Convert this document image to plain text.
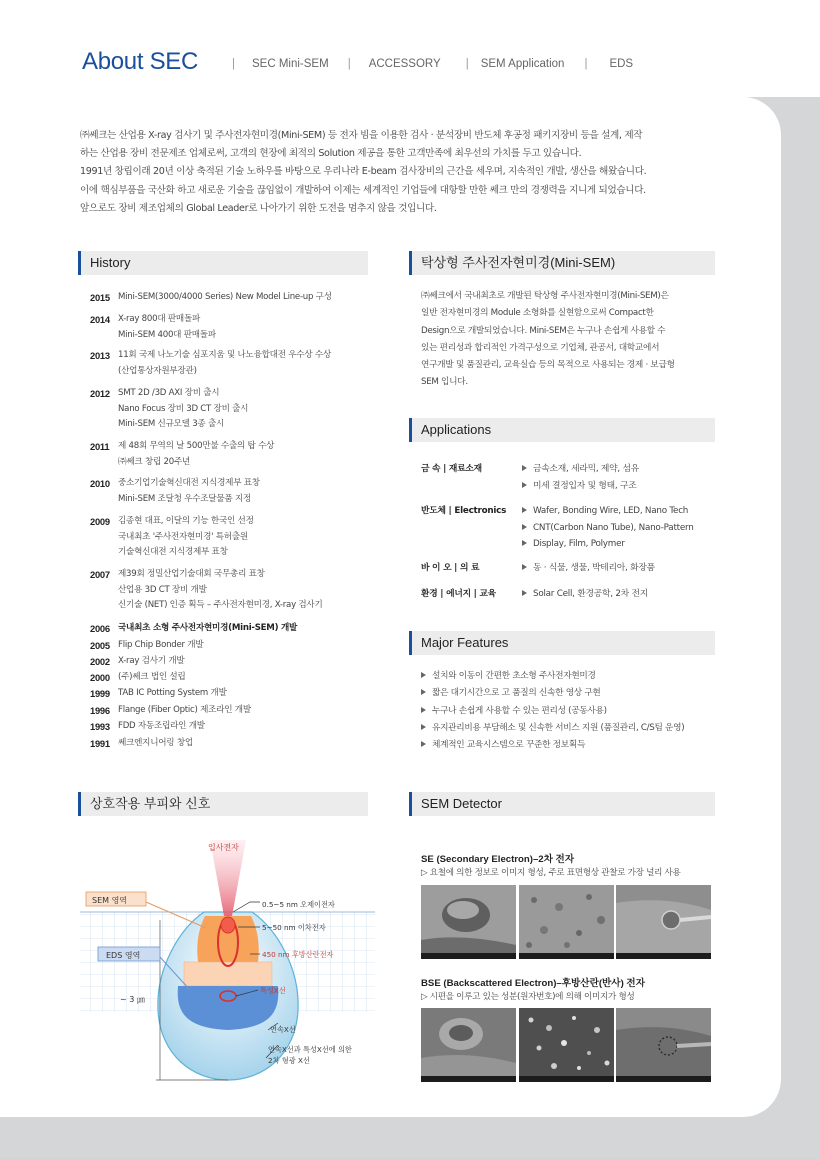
About SEC	| SEC Mini-SEM | ACCESSORY | SEM Application | EDS
㈜쎄크는 산업용 X-ray 검사기 및 주사전자현미경(Mini-SEM) 등 전자 빔을 이용한 검사 · 분석장비 반도체 후공정 패키지장비 등을 설계, 제작
하는 산업용 장비 전문제조 업체로써, 고객의 현장에 최적의 Solution 제공을 통한 고객만족에 최우선의 가치를 두고 있습니다.
1991년 창립이래 20년 이상 축적된 기술 노하우를 바탕으로 우리나라 E-beam 검사장비의 근간을 세우며, 지속적인 개발, 생산을 해왔습니다.
이에 핵심부품을 국산화 하고 새로운 기술을 끊임없이 개발하여 이제는 세계적인 기업들에 대항할 만한 쎄크 만의 경쟁력을 지니게 되었습니다.
앞으로도 장비 제조업체의 Global Leader로 나아가기 위한 도전을 멈추지 않을 것입니다.
History
2015 Mini-SEM(3000/4000 Series) New Model Line-up 구성
2014 X-ray 800대 판매돌파
Mini-SEM 400대 판매돌파
2013 11회 국제 나노기술 심포지움 및 나노융합대전 우수상 수상
(산업통상자원부장관)
2012 SMT 2D /3D AXI 장비 출시
Nano Focus 장비 3D CT 장비 출시
Mini-SEM 신규모델 3종 출시
2011 제 48회 무역의 날 500만불 수출의 탑 수상
㈜쎄크 창립 20주년
2010 중소기업기술혁신대전 지식경제부 표창
Mini-SEM 조달청 우수조달물품 지정
2009 김종현 대표, 이달의 기능 한국인 선정
국내최초 '주사전자현미경' 특허출원
기술혁신대전 지식경제부 표창
2007 제39회 정밀산업기술대회 국무총리 표창
산업용 3D CT 장비 개발
신기술 (NET) 인증 획득 – 주사전자현미경, X-ray 검사기
2006 국내최초 소형 주사전자현미경(Mini-SEM) 개발
2005 Flip Chip Bonder 개발
2002 X-ray 검사기 개발
2000 (주)쎄크 법인 설립
1999 TAB IC Potting System 개발
1996 Flange (Fiber Optic) 제조라인 개발
1993 FDD 자동조립라인 개발
1991 쎄크엔지니어링 창업
탁상형 주사전자현미경(Mini-SEM)
㈜쎄크에서 국내최초로 개발된 탁상형 주사전자현미경(Mini-SEM)은
일반 전자현미경의 Module 소형화를 실현함으로써 Compact한
Design으로 개발되었습니다. Mini-SEM은 누구나 손쉽게 사용할 수
있는 편리성과 합리적인 가격구성으로 기업체, 관공서, 대학교에서
연구개발 및 품질관리, 교육실습 등의 목적으로 사용되는 경제 · 보급형
SEM 입니다.
Applications
금 속 | 재료소재	금속소재, 세라믹, 제약, 섬유
미세 결정입자 및 형태, 구조
반도체 | Electronics	Wafer, Bonding Wire, LED, Nano Tech
CNT(Carbon Nano Tube), Nano-Pattern
Display, Film, Polymer
바 이 오 | 의 료	동 · 식물, 생물, 박테리아, 화장품
환경 | 에너지 | 교육	Solar Cell, 환경공학, 2차 전지
Major Features
설치와 이동이 간편한 초소형 주사전자현미경
짧은 대기시간으로 고 품질의 신속한 영상 구현
누구나 손쉽게 사용할 수 있는 편리성 (공동사용)
유지관리비용 부담해소 및 신속한 서비스 지원 (품질관리, C/S팀 운영)
체계적인 교육시스템으로 꾸준한 정보획득
상호작용 부피와 신호
입사전자
SEM 영역
EDS 영역
0.5~5 nm 오제이전자
5~50 nm 이차전자
450 nm 후방산란전자
특성X선
~ 3 ㎛
연속X선
연속X선과 특성X선에 의한
2차 형광 X선
SEM Detector
SE (Secondary Electron)–2차 전자
▷ 요철에 의한 정보로 이미지 형성, 주로 표면형상 관찰로 가장 널리 사용
BSE (Backscattered Electron)–후방산란(반사) 전자
▷ 시편을 이루고 있는 성분(원자번호)에 의해 이미지가 형성
